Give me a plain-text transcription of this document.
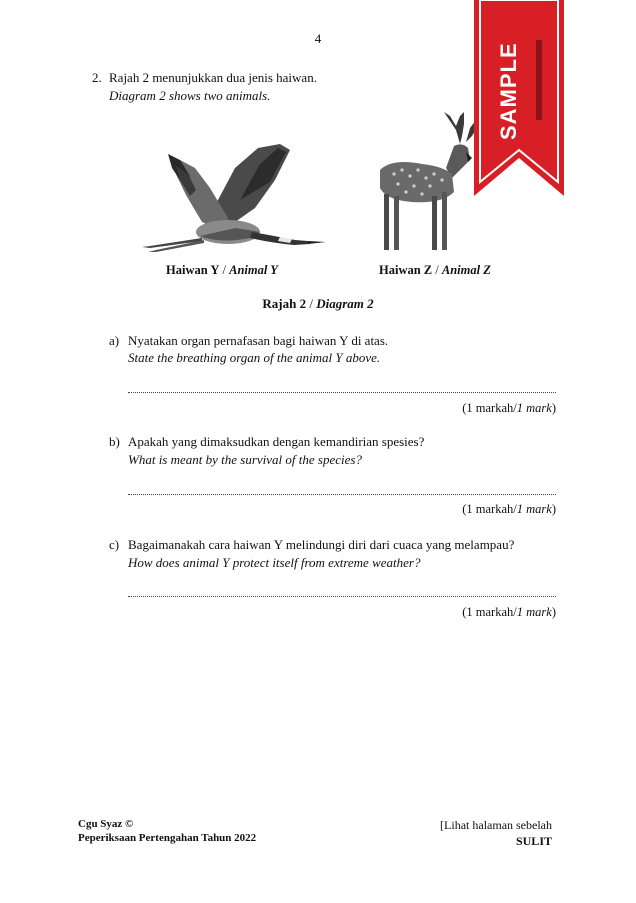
4
2. Rajah 2 menunjukkan dua jenis haiwan.
Diagram 2 shows two animals.
Haiwan Y / Animal Y	Haiwan Z / Animal Z
Rajah 2 / Diagram 2
a) Nyatakan organ pernafasan bagi haiwan Y di atas.
State the breathing organ of the animal Y above.
(1 markah/1 mark)
b) Apakah yang dimaksudkan dengan kemandirian spesies?
What is meant by the survival of the species?
(1 markah/1 mark)
c) Bagaimanakah cara haiwan Y melindungi diri dari cuaca yang melampau?
How does animal Y protect itself from extreme weather?
(1 markah/1 mark)
Cgu Syaz ©
Peperiksaan Pertengahan Tahun 2022
[Lihat halaman sebelah
SULIT
SAMPLE
